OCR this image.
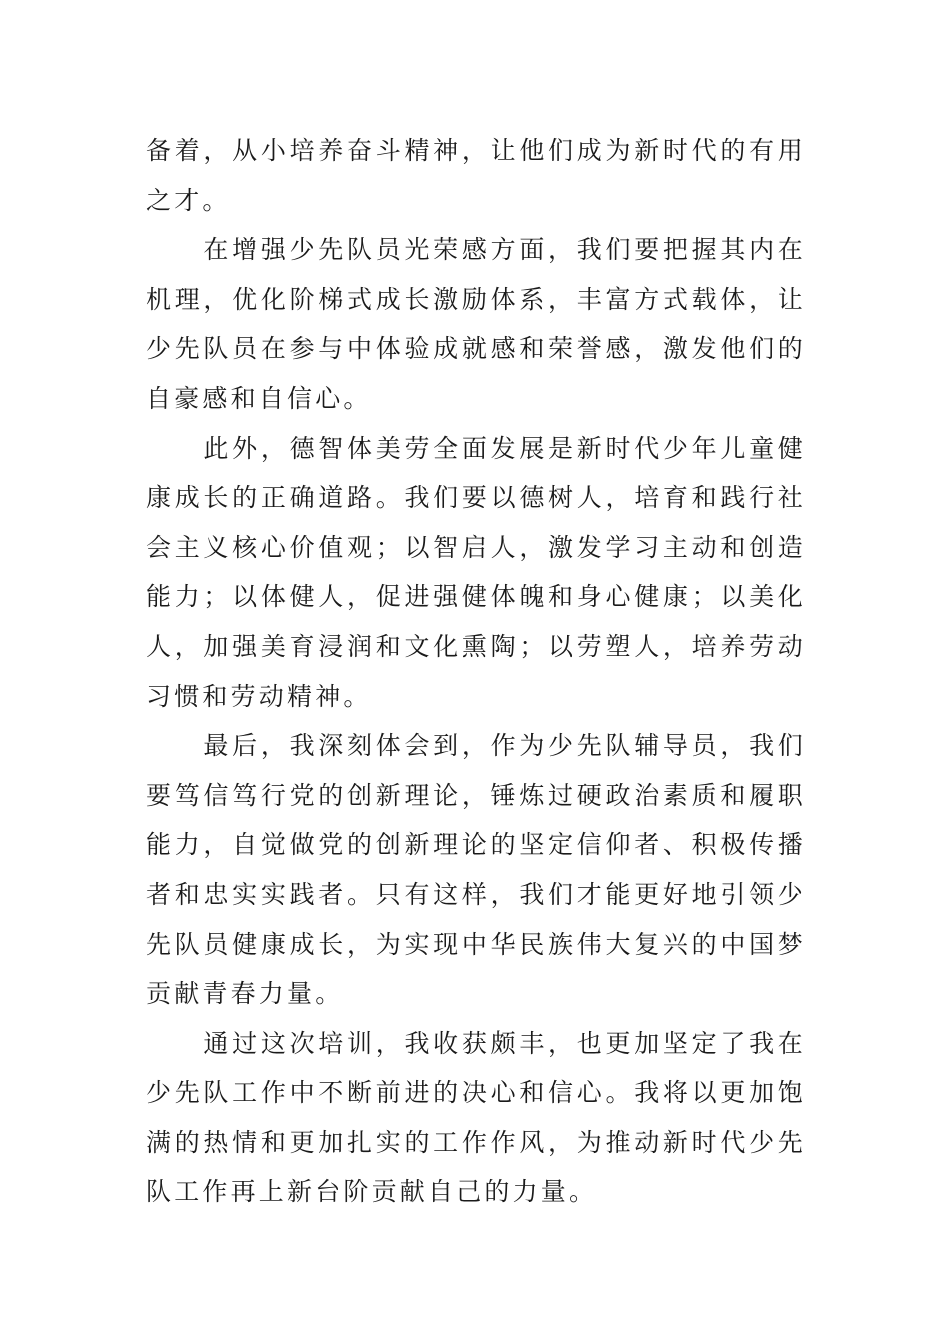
备着，从小培养奋斗精神，让他们成为新时代的有用之才。

　　在增强少先队员光荣感方面，我们要把握其内在机理，优化阶梯式成长激励体系，丰富方式载体，让少先队员在参与中体验成就感和荣誉感，激发他们的自豪感和自信心。

　　此外，德智体美劳全面发展是新时代少年儿童健康成长的正确道路。我们要以德树人，培育和践行社会主义核心价值观；以智启人，激发学习主动和创造能力；以体健人，促进强健体魄和身心健康；以美化人，加强美育浸润和文化熏陶；以劳塑人，培养劳动习惯和劳动精神。

　　最后，我深刻体会到，作为少先队辅导员，我们要笃信笃行党的创新理论，锤炼过硬政治素质和履职能力，自觉做党的创新理论的坚定信仰者、积极传播者和忠实实践者。只有这样，我们才能更好地引领少先队员健康成长，为实现中华民族伟大复兴的中国梦贡献青春力量。

　　通过这次培训，我收获颇丰，也更加坚定了我在少先队工作中不断前进的决心和信心。我将以更加饱满的热情和更加扎实的工作作风，为推动新时代少先队工作再上新台阶贡献自己的力量。
